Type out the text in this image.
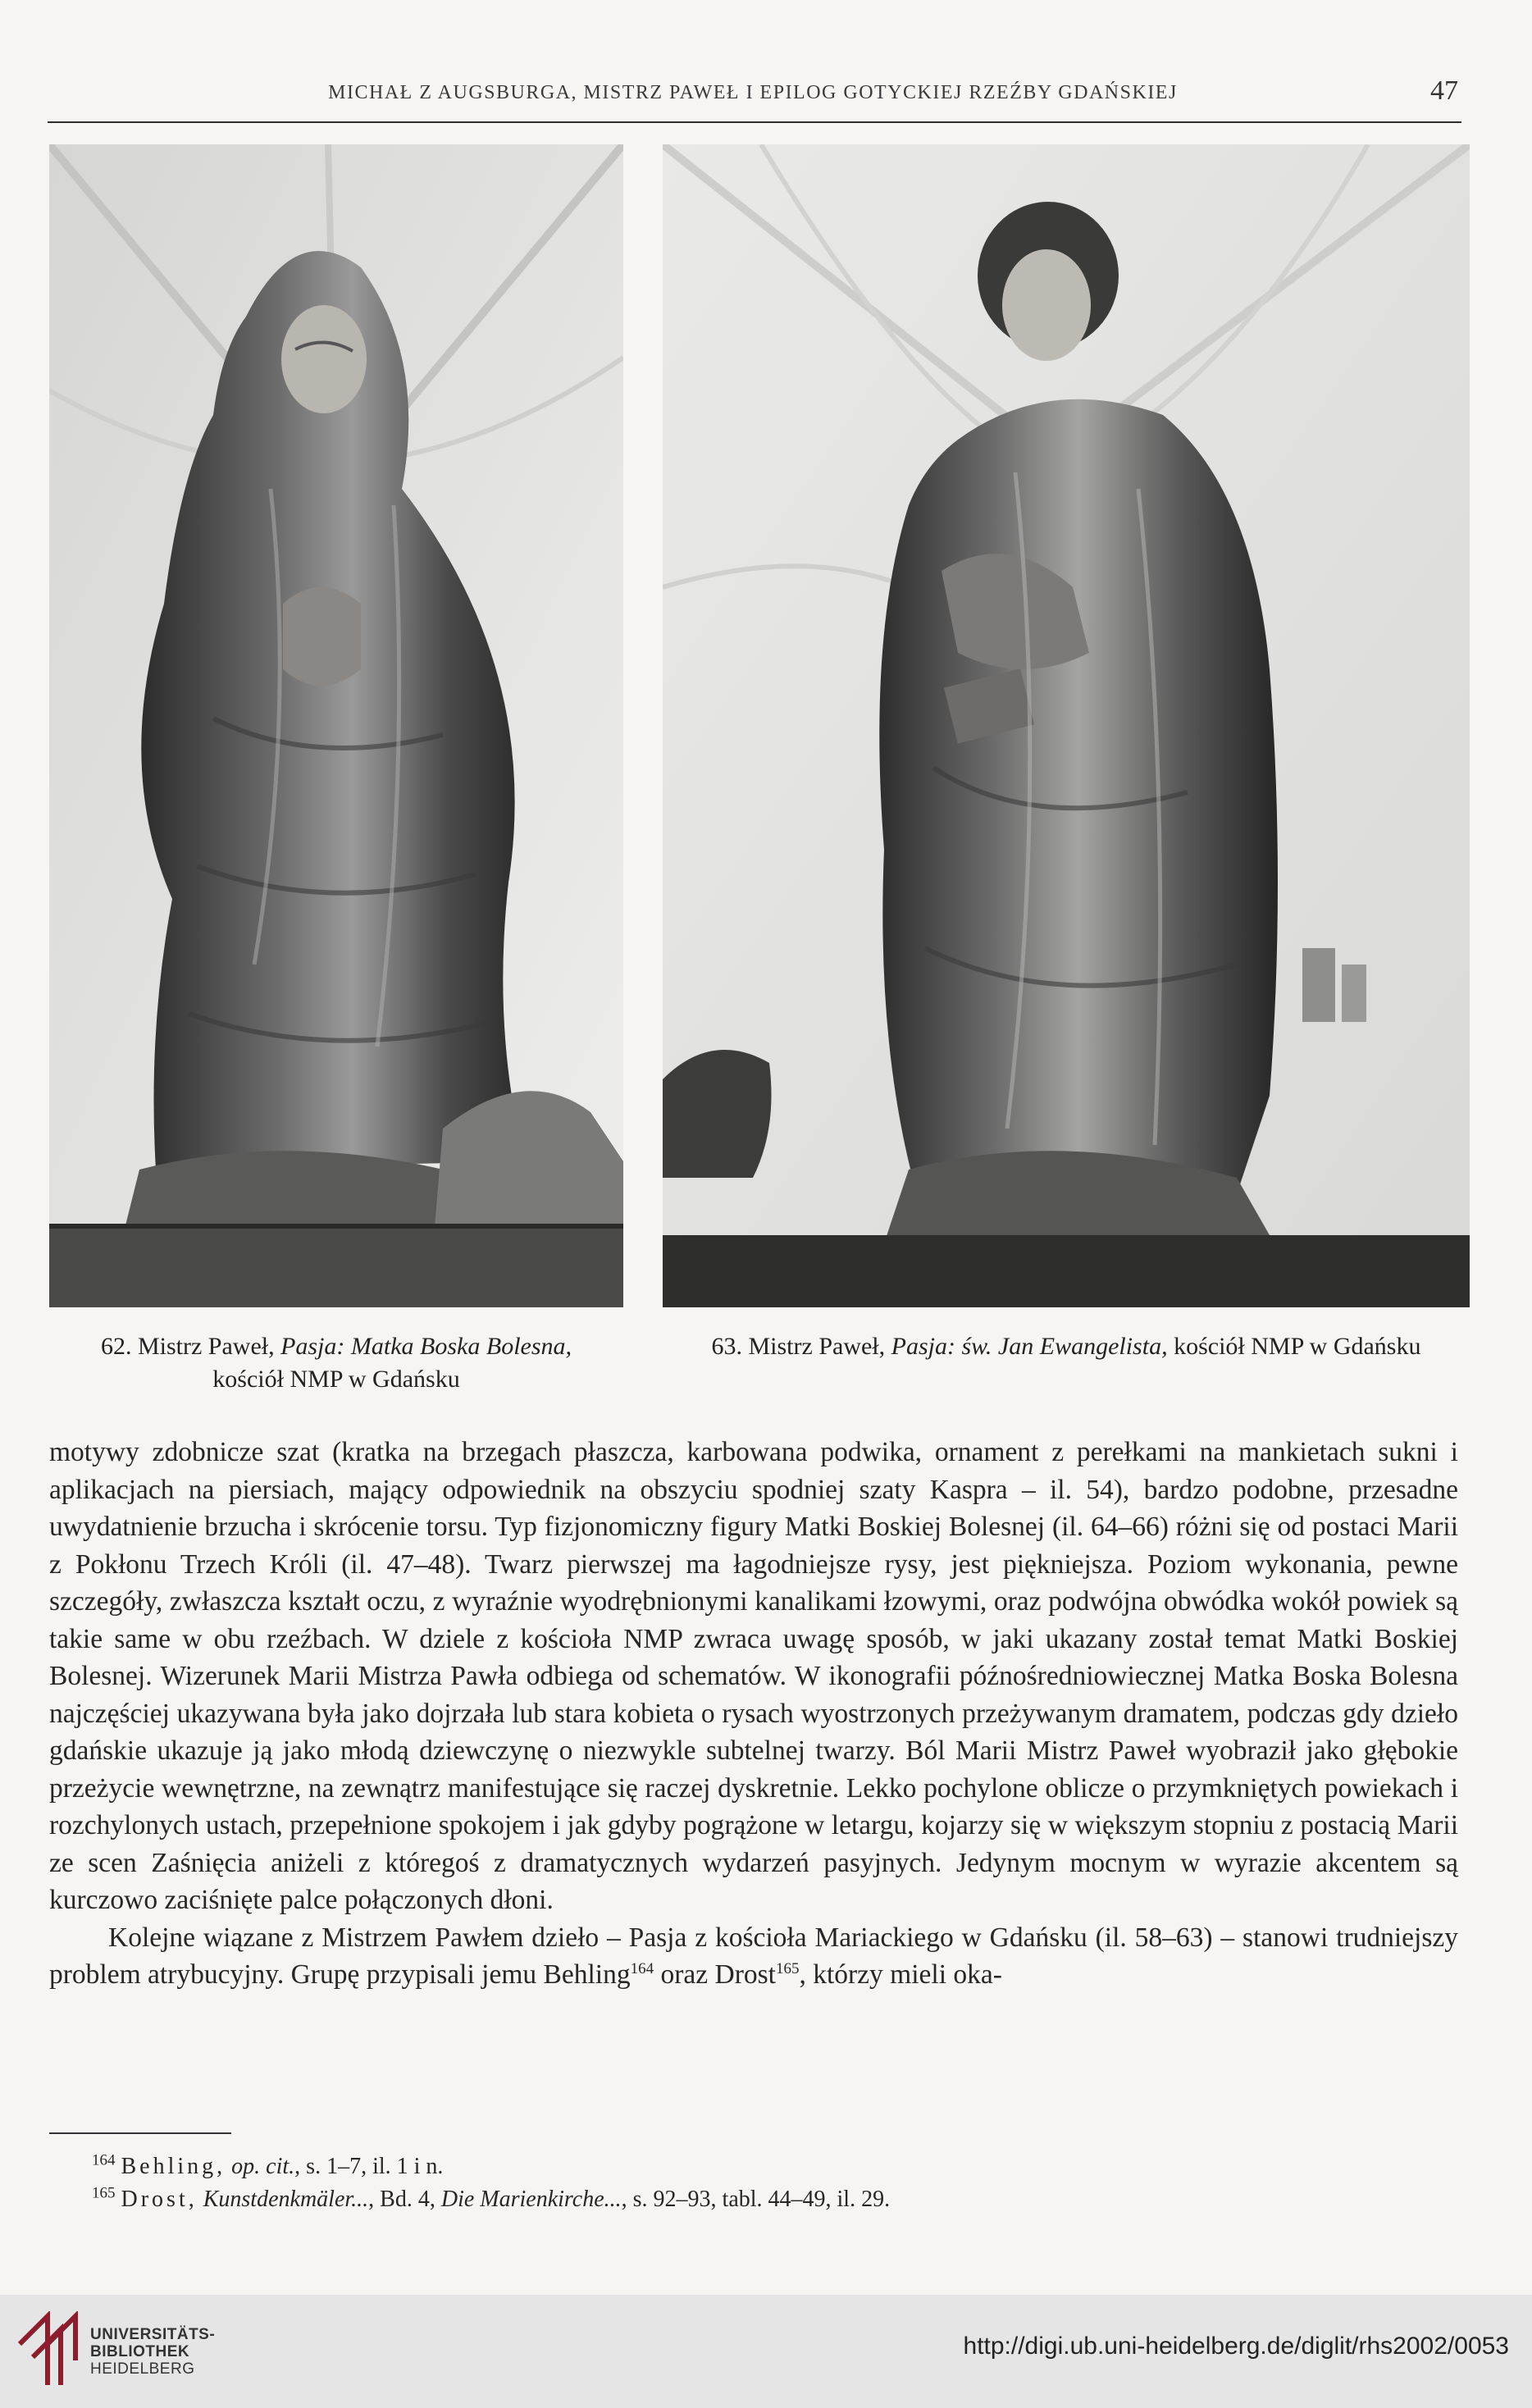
MICHAŁ Z AUGSBURGA, MISTRZ PAWEŁ I EPILOG GOTYCKIEJ RZEŹBY GDAŃSKIEJ	47
62. Mistrz Paweł, Pasja: Matka Boska Bolesna,
kościół NMP w Gdańsku
63. Mistrz Paweł, Pasja: św. Jan Ewangelista, kościół NMP w Gdańsku

motywy zdobnicze szat (kratka na brzegach płaszcza, karbowana podwika, ornament z perełkami na mankietach sukni i aplikacjach na piersiach, mający odpowiednik na obszyciu spodniej szaty Kaspra – il. 54), bardzo podobne, przesadne uwydatnienie brzucha i skrócenie torsu. Typ fizjonomiczny figury Matki Boskiej Bolesnej (il. 64–66) różni się od postaci Marii z Pokłonu Trzech Króli (il. 47–48). Twarz pierwszej ma łagodniejsze rysy, jest piękniejsza. Poziom wykonania, pewne szczegóły, zwłaszcza kształt oczu, z wyraźnie wyodrębnionymi kanalikami łzowymi, oraz podwójna obwódka wokół powiek są takie same w obu rzeźbach. W dziele z kościoła NMP zwraca uwagę sposób, w jaki ukazany został temat Matki Boskiej Bolesnej. Wizerunek Marii Mistrza Pawła odbiega od schematów. W ikonografii późnośredniowiecznej Matka Boska Bolesna najczęściej ukazywana była jako dojrzała lub stara kobieta o rysach wyostrzonych przeżywanym dramatem, podczas gdy dzieło gdańskie ukazuje ją jako młodą dziewczynę o niezwykle subtelnej twarzy. Ból Marii Mistrz Paweł wyobraził jako głębokie przeżycie wewnętrzne, na zewnątrz manifestujące się raczej dyskretnie. Lekko pochylone oblicze o przymkniętych powiekach i rozchylonych ustach, przepełnione spokojem i jak gdyby pogrążone w letargu, kojarzy się w większym stopniu z postacią Marii ze scen Zaśnięcia aniżeli z któregoś z dramatycznych wydarzeń pasyjnych. Jedynym mocnym w wyrazie akcentem są kurczowo zaciśnięte palce połączonych dłoni.

Kolejne wiązane z Mistrzem Pawłem dzieło – Pasja z kościoła Mariackiego w Gdańsku (il. 58–63) – stanowi trudniejszy problem atrybucyjny. Grupę przypisali jemu Behling$^{164}$ oraz Drost$^{165}$, którzy mieli oka-

$^{164}$ Behling, op. cit., s. 1–7, il. 1 i n.
$^{165}$ Drost, Kunstdenkmäler..., Bd. 4, Die Marienkirche..., s. 92–93, tabl. 44–49, il. 29.
UNIVERSITÄTS-
BIBLIOTHEK
HEIDELBERG
http://digi.ub.uni-heidelberg.de/diglit/rhs2002/0053
